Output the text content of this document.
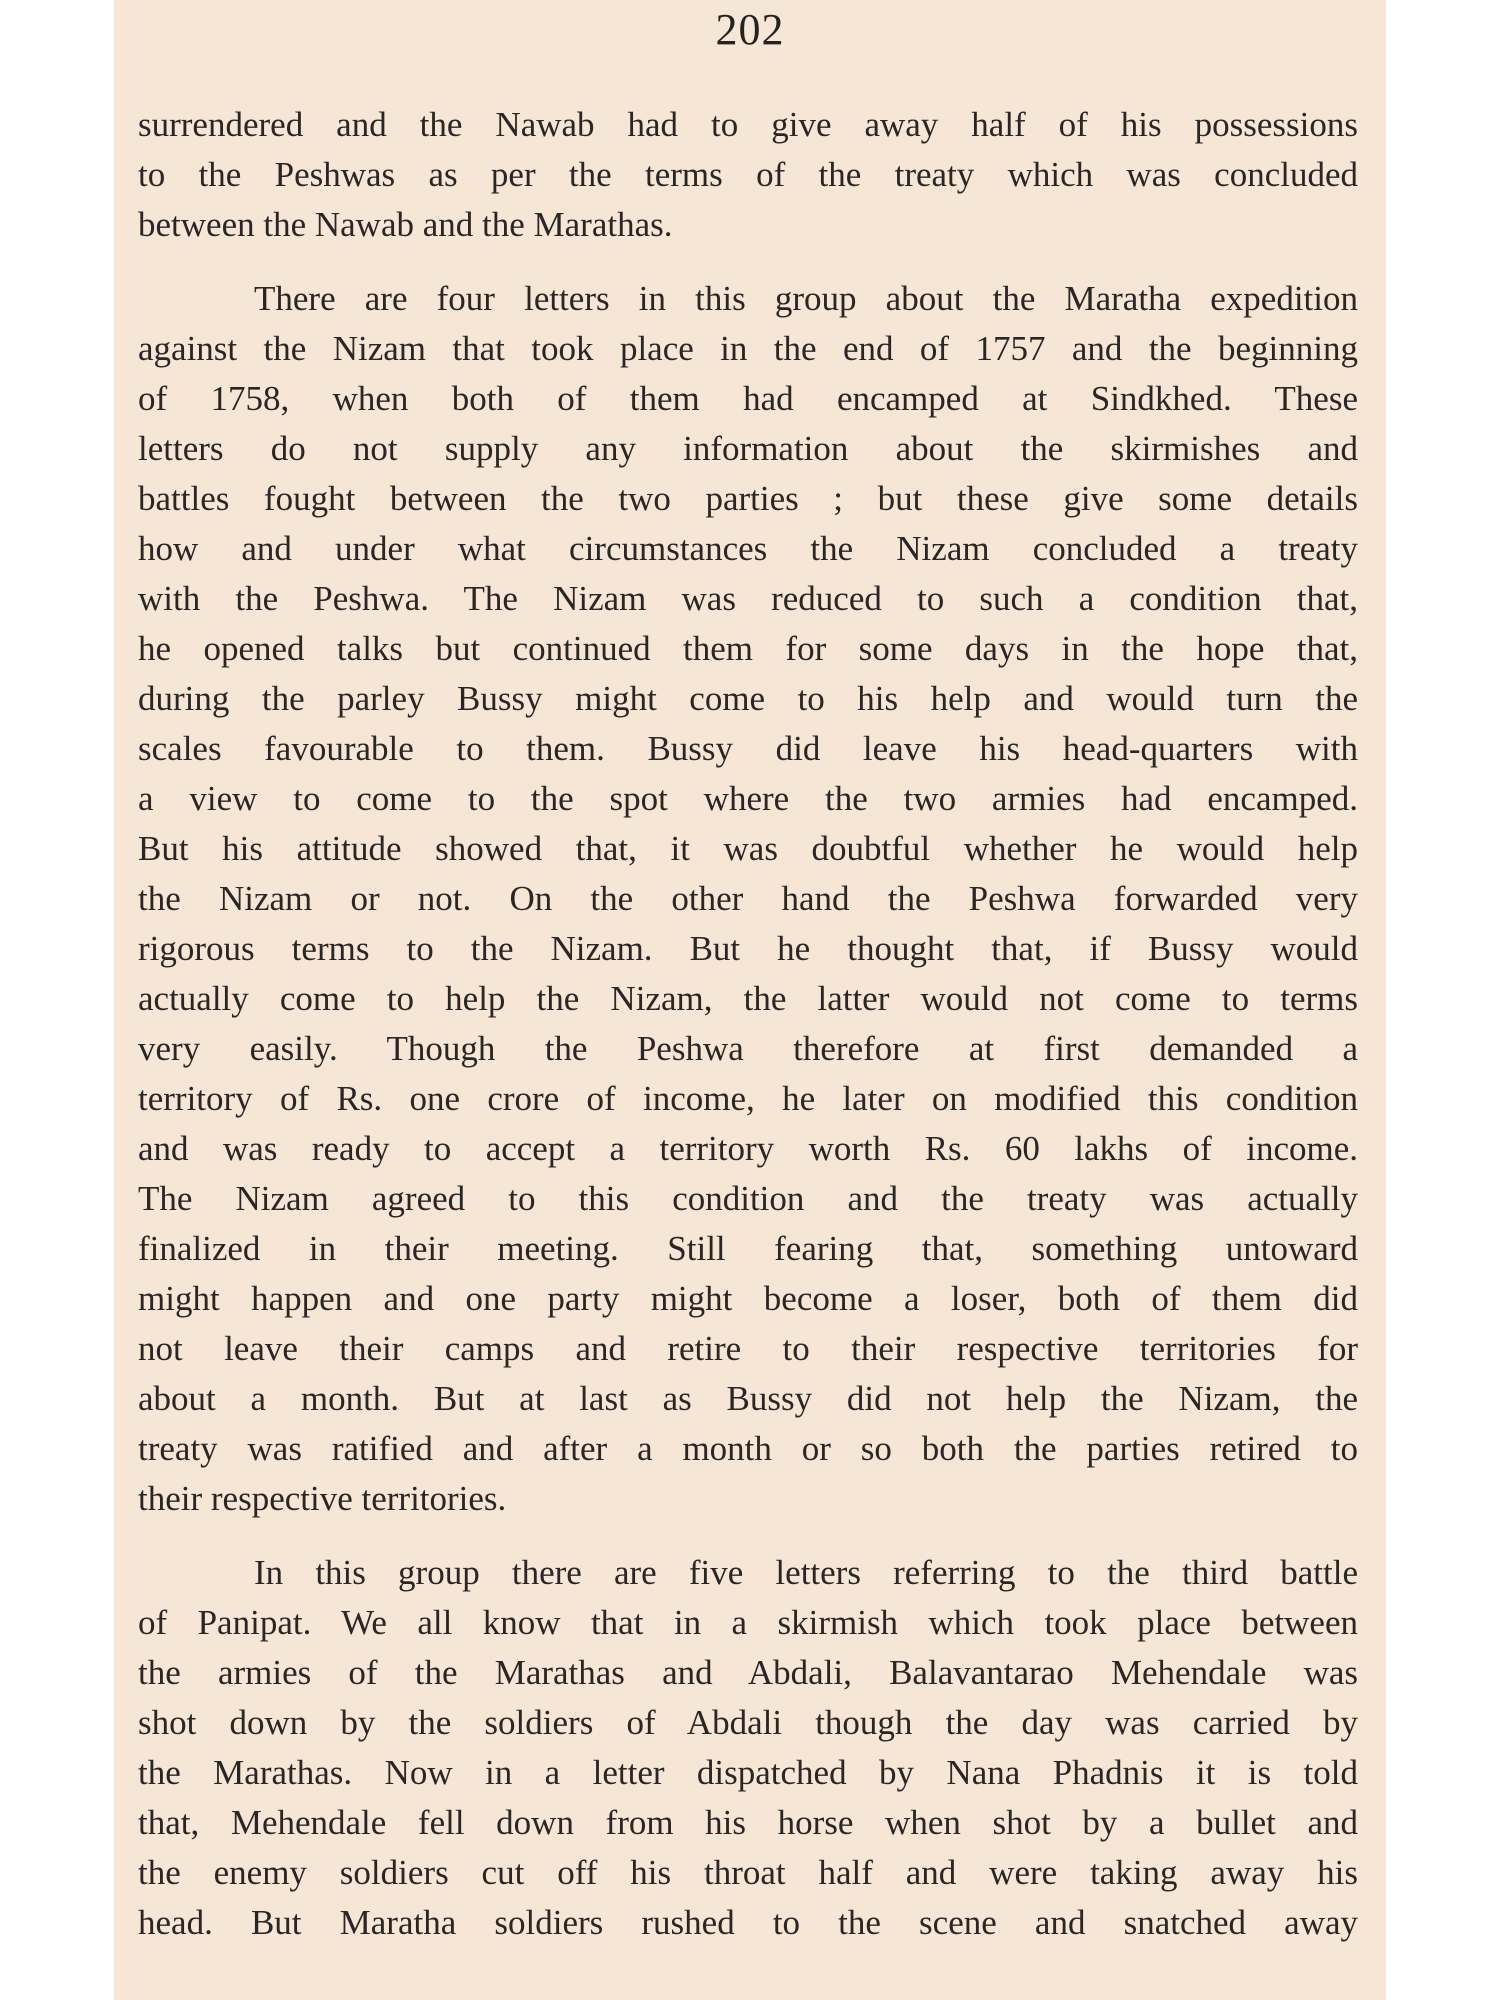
202
surrendered and the Nawab had to give away half of his possessions
to the Peshwas as per the terms of the treaty which was concluded
between the Nawab and the Marathas.
There are four letters in this group about the Maratha expedition
against the Nizam that took place in the end of 1757 and the beginning
of 1758, when both of them had encamped at Sindkhed. These
letters do not supply any information about the skirmishes and
battles fought between the two parties ; but these give some details
how and under what circumstances the Nizam concluded a treaty
with the Peshwa. The Nizam was reduced to such a condition that,
he opened talks but continued them for some days in the hope that,
during the parley Bussy might come to his help and would turn the
scales favourable to them. Bussy did leave his head-quarters with
a view to come to the spot where the two armies had encamped.
But his attitude showed that, it was doubtful whether he would help
the Nizam or not. On the other hand the Peshwa forwarded very
rigorous terms to the Nizam. But he thought that, if Bussy would
actually come to help the Nizam, the latter would not come to terms
very easily. Though the Peshwa therefore at first demanded a
territory of Rs. one crore of income, he later on modified this condition
and was ready to accept a territory worth Rs. 60 lakhs of income.
The Nizam agreed to this condition and the treaty was actually
finalized in their meeting. Still fearing that, something untoward
might happen and one party might become a loser, both of them did
not leave their camps and retire to their respective territories for
about a month. But at last as Bussy did not help the Nizam, the
treaty was ratified and after a month or so both the parties retired to
their respective territories.
In this group there are five letters referring to the third battle
of Panipat. We all know that in a skirmish which took place between
the armies of the Marathas and Abdali, Balavantarao Mehendale was
shot down by the soldiers of Abdali though the day was carried by
the Marathas. Now in a letter dispatched by Nana Phadnis it is told
that, Mehendale fell down from his horse when shot by a bullet and
the enemy soldiers cut off his throat half and were taking away his
head. But Maratha soldiers rushed to the scene and snatched away
